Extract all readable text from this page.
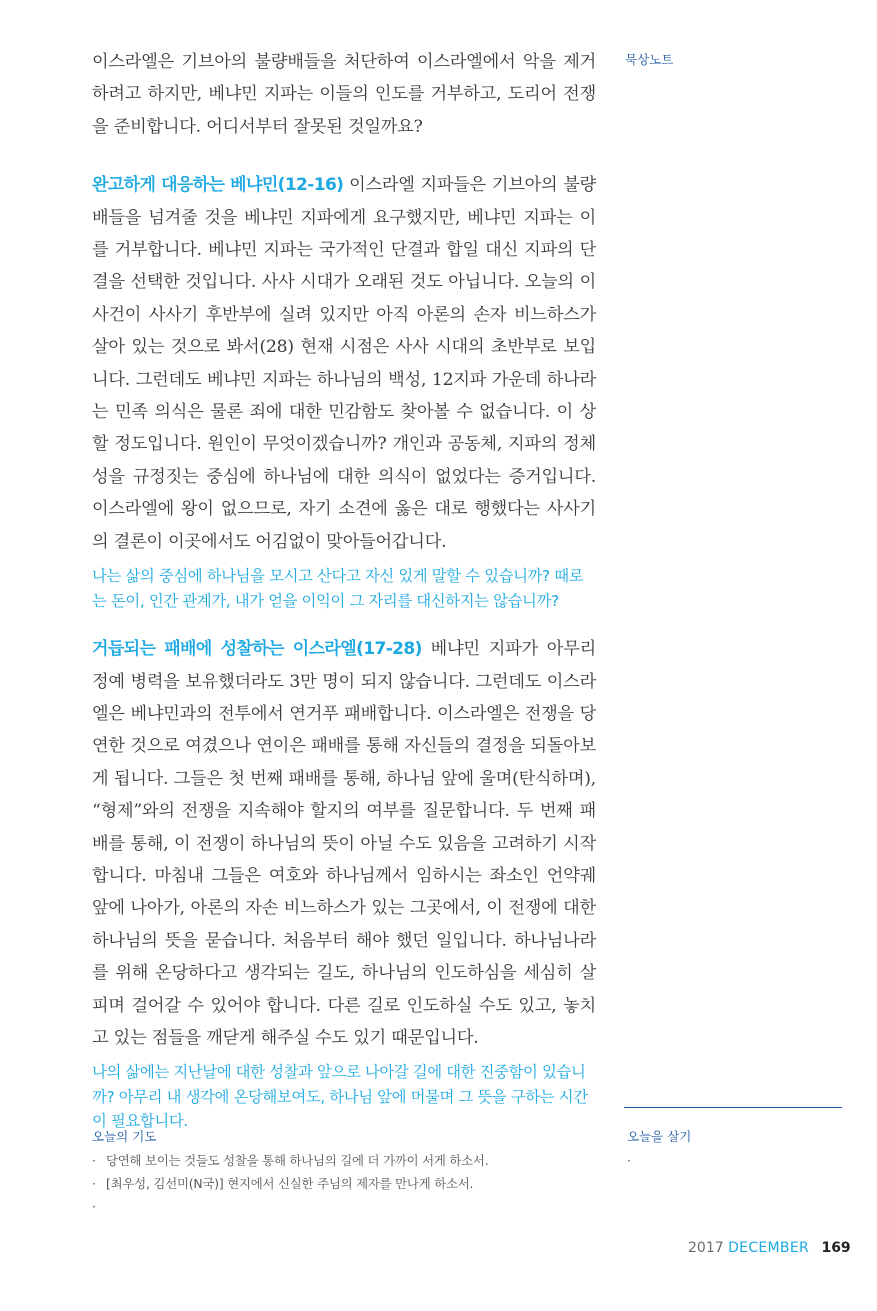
묵상노트

이스라엘은 기브아의 불량배들을 처단하여 이스라엘에서 악을 제거하려고 하지만, 베냐민 지파는 이들의 인도를 거부하고, 도리어 전쟁을 준비합니다. 어디서부터 잘못된 것일까요?

완고하게 대응하는 베냐민(12-16) 이스라엘 지파들은 기브아의 불량배들을 넘겨줄 것을 베냐민 지파에게 요구했지만, 베냐민 지파는 이를 거부합니다. 베냐민 지파는 국가적인 단결과 합일 대신 지파의 단결을 선택한 것입니다. 사사 시대가 오래된 것도 아닙니다. 오늘의 이 사건이 사사기 후반부에 실려 있지만 아직 아론의 손자 비느하스가 살아 있는 것으로 봐서(28) 현재 시점은 사사 시대의 초반부로 보입니다. 그런데도 베냐민 지파는 하나님의 백성, 12지파 가운데 하나라는 민족 의식은 물론 죄에 대한 민감함도 찾아볼 수 없습니다. 이 상할 정도입니다. 원인이 무엇이겠습니까? 개인과 공동체, 지파의 정체성을 규정짓는 중심에 하나님에 대한 의식이 없었다는 증거입니다. 이스라엘에 왕이 없으므로, 자기 소견에 옳은 대로 행했다는 사사기의 결론이 이곳에서도 어김없이 맞아들어갑니다.

나는 삶의 중심에 하나님을 모시고 산다고 자신 있게 말할 수 있습니까? 때로는 돈이, 인간 관계가, 내가 얻을 이익이 그 자리를 대신하지는 않습니까?

거듭되는 패배에 성찰하는 이스라엘(17-28) 베냐민 지파가 아무리 정예 병력을 보유했더라도 3만 명이 되지 않습니다. 그런데도 이스라엘은 베냐민과의 전투에서 연거푸 패배합니다. 이스라엘은 전쟁을 당연한 것으로 여겼으나 연이은 패배를 통해 자신들의 결정을 되돌아보게 됩니다. 그들은 첫 번째 패배를 통해, 하나님 앞에 울며(탄식하며), “형제”와의 전쟁을 지속해야 할지의 여부를 질문합니다. 두 번째 패배를 통해, 이 전쟁이 하나님의 뜻이 아닐 수도 있음을 고려하기 시작합니다. 마침내 그들은 여호와 하나님께서 임하시는 좌소인 언약궤 앞에 나아가, 아론의 자손 비느하스가 있는 그곳에서, 이 전쟁에 대한 하나님의 뜻을 묻습니다. 처음부터 해야 했던 일입니다. 하나님나라를 위해 온당하다고 생각되는 길도, 하나님의 인도하심을 세심히 살피며 걸어갈 수 있어야 합니다. 다른 길로 인도하실 수도 있고, 놓치고 있는 점들을 깨닫게 해주실 수도 있기 때문입니다.

나의 삶에는 지난날에 대한 성찰과 앞으로 나아갈 길에 대한 진중함이 있습니까? 아무리 내 생각에 온당해보여도, 하나님 앞에 머물며 그 뜻을 구하는 시간이 필요합니다.

오늘의 기도
· 당연해 보이는 것들도 성찰을 통해 하나님의 길에 더 가까이 서게 하소서.
· [최우성, 김선미(N국)] 현지에서 신실한 주님의 제자를 만나게 하소서.
·
오늘을 살기
·
2017 DECEMBER 169
